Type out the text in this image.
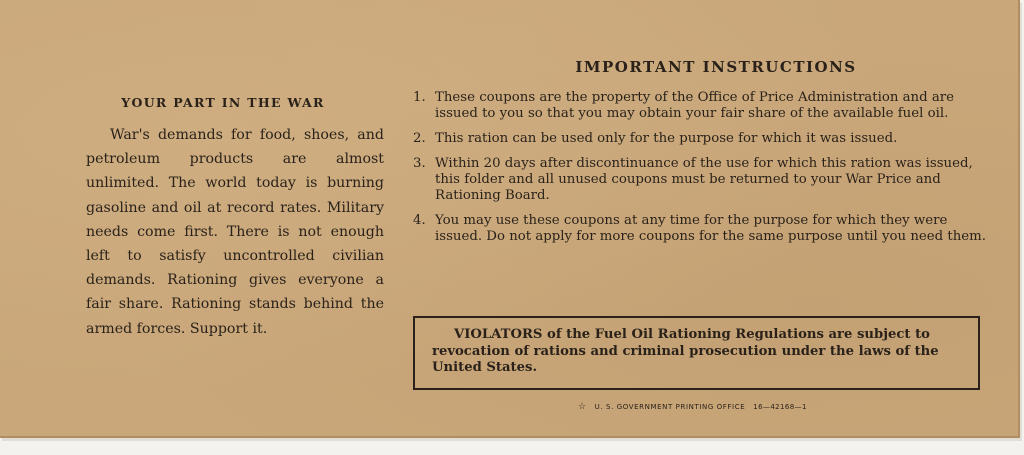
YOUR PART IN THE WAR

War's demands for food, shoes, and petroleum products are almost unlimited. The world today is burning gasoline and oil at record rates. Military needs come first. There is not enough left to satisfy uncontrolled civilian demands. Rationing gives everyone a fair share. Rationing stands behind the armed forces. Support it.

IMPORTANT INSTRUCTIONS
1. These coupons are the property of the Office of Price Administration and are issued to you so that you may obtain your fair share of the available fuel oil.
2. This ration can be used only for the purpose for which it was issued.
3. Within 20 days after discontinuance of the use for which this ration was issued, this folder and all unused coupons must be returned to your War Price and Rationing Board.
4. You may use these coupons at any time for the purpose for which they were issued. Do not apply for more coupons for the same purpose until you need them.
VIOLATORS of the Fuel Oil Rationing Regulations are subject to revocation of rations and criminal prosecution under the laws of the United States.
☆ U. S. GOVERNMENT PRINTING OFFICE 16—42168—1
